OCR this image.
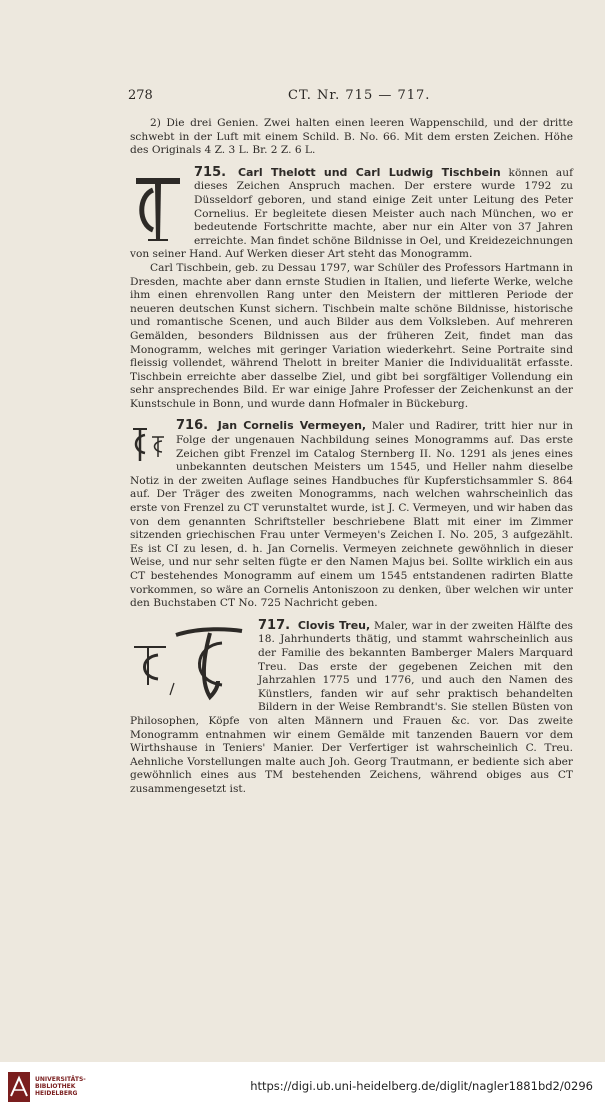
278	CT. Nr. 715 — 717.

2) Die drei Genien. Zwei halten einen leeren Wappenschild, und der dritte schwebt in der Luft mit einem Schild. B. No. 66. Mit dem ersten Zeichen. Höhe des Originals 4 Z. 3 L. Br. 2 Z. 6 L.

715. Carl Thelott und Carl Ludwig Tischbein können auf dieses Zeichen Anspruch machen. Der erstere wurde 1792 zu Düsseldorf geboren, und stand einige Zeit unter Leitung des Peter Cornelius. Er begleitete diesen Meister auch nach München, wo er bedeutende Fortschritte machte, aber nur ein Alter von 37 Jahren erreichte. Man findet schöne Bildnisse in Oel, und Kreidezeichnungen von seiner Hand. Auf Werken dieser Art steht das Monogramm.

Carl Tischbein, geb. zu Dessau 1797, war Schüler des Professors Hartmann in Dresden, machte aber dann ernste Studien in Italien, und lieferte Werke, welche ihm einen ehrenvollen Rang unter den Meistern der mittleren Periode der neueren deutschen Kunst sichern. Tischbein malte schöne Bildnisse, historische und romantische Scenen, und auch Bilder aus dem Volksleben. Auf mehreren Gemälden, besonders Bildnissen aus der früheren Zeit, findet man das Monogramm, welches mit geringer Variation wiederkehrt. Seine Portraite sind fleissig vollendet, während Thelott in breiter Manier die Individualität erfasste. Tischbein erreichte aber dasselbe Ziel, und gibt bei sorgfältiger Vollendung ein sehr ansprechendes Bild. Er war einige Jahre Professer der Zeichenkunst an der Kunstschule in Bonn, und wurde dann Hofmaler in Bückeburg.

716. Jan Cornelis Vermeyen, Maler und Radirer, tritt hier nur in Folge der ungenauen Nachbildung seines Monogramms auf. Das erste Zeichen gibt Frenzel im Catalog Sternberg II. No. 1291 als jenes eines unbekannten deutschen Meisters um 1545, und Heller nahm dieselbe Notiz in der zweiten Auflage seines Handbuches für Kupferstichsammler S. 864 auf. Der Träger des zweiten Monogramms, nach welchen wahrscheinlich das erste von Frenzel zu CT verunstaltet wurde, ist J. C. Vermeyen, und wir haben das von dem genannten Schriftsteller beschriebene Blatt mit einer im Zimmer sitzenden griechischen Frau unter Vermeyen's Zeichen I. No. 205, 3 aufgezählt. Es ist CI zu lesen, d. h. Jan Cornelis. Vermeyen zeichnete gewöhnlich in dieser Weise, und nur sehr selten fügte er den Namen Majus bei. Sollte wirklich ein aus CT bestehendes Monogramm auf einem um 1545 entstandenen radirten Blatte vorkommen, so wäre an Cornelis Antoniszoon zu denken, über welchen wir unter den Buchstaben CT No. 725 Nachricht geben.

717. Clovis Treu, Maler, war in der zweiten Hälfte des 18. Jahrhunderts thätig, und stammt wahrscheinlich aus der Familie des bekannten Bamberger Malers Marquard Treu. Das erste der gegebenen Zeichen mit den Jahrzahlen 1775 und 1776, und auch den Namen des Künstlers, fanden wir auf sehr praktisch behandelten Bildern in der Weise Rembrandt's. Sie stellen Büsten von Philosophen, Köpfe von alten Männern und Frauen &c. vor. Das zweite Monogramm entnahmen wir einem Gemälde mit tanzenden Bauern vor dem Wirthshause in Teniers' Manier. Der Verfertiger ist wahrscheinlich C. Treu. Aehnliche Vorstellungen malte auch Joh. Georg Trautmann, er bediente sich aber gewöhnlich eines aus TM bestehenden Zeichens, während obiges aus CT zusammengesetzt ist.

UNIVERSITÄTS-
BIBLIOTHEK
HEIDELBERG
https://digi.ub.uni-heidelberg.de/diglit/nagler1881bd2/0296
